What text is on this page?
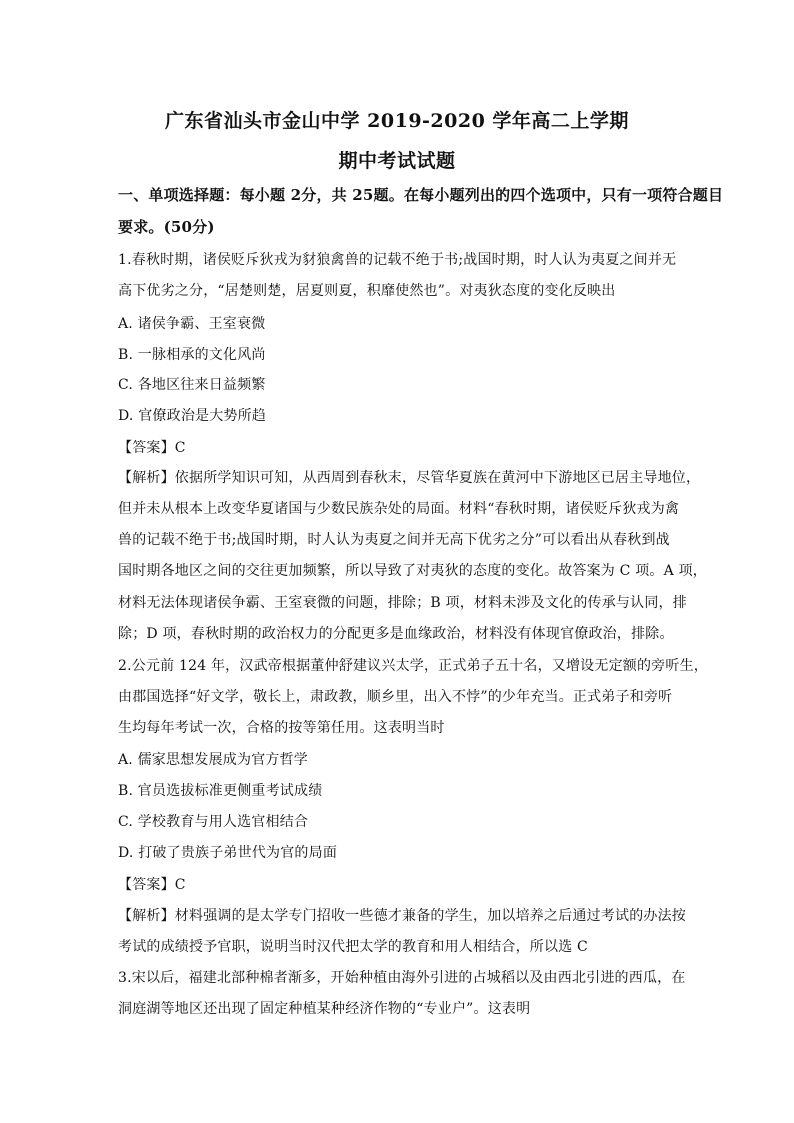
广东省汕头市金山中学 2019-2020 学年高二上学期
期中考试试题
一、单项选择题：每小题 2分，共 25题。在每小题列出的四个选项中，只有一项符合题目
要求。(50分)
1.春秋时期，诸侯贬斥狄戎为豺狼禽兽的记载不绝于书;战国时期，时人认为夷夏之间并无
高下优劣之分，“居楚则楚，居夏则夏，积靡使然也”。对夷狄态度的变化反映出
A. 诸侯争霸、王室衰微
B. 一脉相承的文化风尚
C. 各地区往来日益频繁
D. 官僚政治是大势所趋
【答案】C
【解析】依据所学知识可知，从西周到春秋末，尽管华夏族在黄河中下游地区已居主导地位，
但并未从根本上改变华夏诸国与少数民族杂处的局面。材料“春秋时期，诸侯贬斥狄戎为禽
兽的记载不绝于书;战国时期，时人认为夷夏之间并无高下优劣之分”可以看出从春秋到战
国时期各地区之间的交往更加频繁，所以导致了对夷狄的态度的变化。故答案为 C 项。A 项，
材料无法体现诸侯争霸、王室衰微的问题，排除；B 项，材料未涉及文化的传承与认同，排
除；D 项，春秋时期的政治权力的分配更多是血缘政治，材料没有体现官僚政治，排除。
2.公元前 124 年，汉武帝根据董仲舒建议兴太学，正式弟子五十名，又增设无定额的旁听生，
由郡国选择“好文学，敬长上，肃政教，顺乡里，出入不悖”的少年充当。正式弟子和旁听
生均每年考试一次，合格的按等第任用。这表明当时
A. 儒家思想发展成为官方哲学
B. 官员选拔标准更侧重考试成绩
C. 学校教育与用人选官相结合
D. 打破了贵族子弟世代为官的局面
【答案】C
【解析】材料强调的是太学专门招收一些德才兼备的学生，加以培养之后通过考试的办法按
考试的成绩授予官职，说明当时汉代把太学的教育和用人相结合，所以选 C
3.宋以后，福建北部种棉者渐多，开始种植由海外引进的占城稻以及由西北引进的西瓜，在
洞庭湖等地区还出现了固定种植某种经济作物的“专业户”。这表明
